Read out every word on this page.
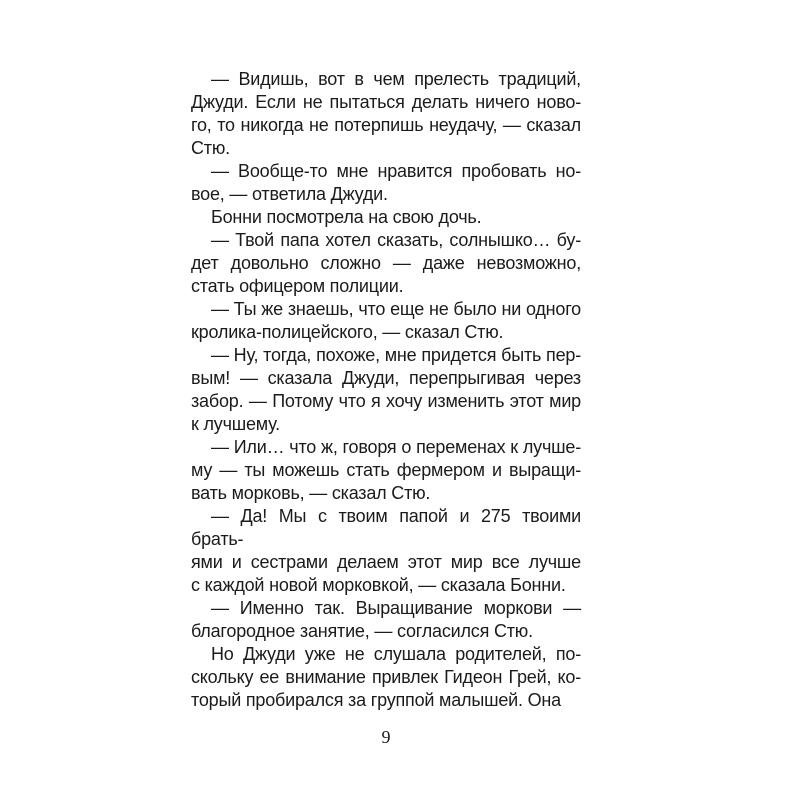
— Видишь, вот в чем прелесть традиций,
Джуди. Если не пытаться делать ничего ново-
го, то никогда не потерпишь неудачу, — сказал
Стю.
— Вообще-то мне нравится пробовать но-
вое, — ответила Джуди.
Бонни посмотрела на свою дочь.
— Твой папа хотел сказать, солнышко… бу-
дет довольно сложно — даже невозможно,
стать офицером полиции.
— Ты же знаешь, что еще не было ни одного
кролика-полицейского, — сказал Стю.
— Ну, тогда, похоже, мне придется быть пер-
вым! — сказала Джуди, перепрыгивая через
забор. — Потому что я хочу изменить этот мир
к лучшему.
— Или… что ж, говоря о переменах к лучше-
му — ты можешь стать фермером и выращи-
вать морковь, — сказал Стю.
— Да! Мы с твоим папой и 275 твоими брать-
ями и сестрами делаем этот мир все лучше
с каждой новой морковкой, — сказала Бонни.
— Именно так. Выращивание моркови —
благородное занятие, — согласился Стю.
Но Джуди уже не слушала родителей, по-
скольку ее внимание привлек Гидеон Грей, ко-
торый пробирался за группой малышей. Она
9
